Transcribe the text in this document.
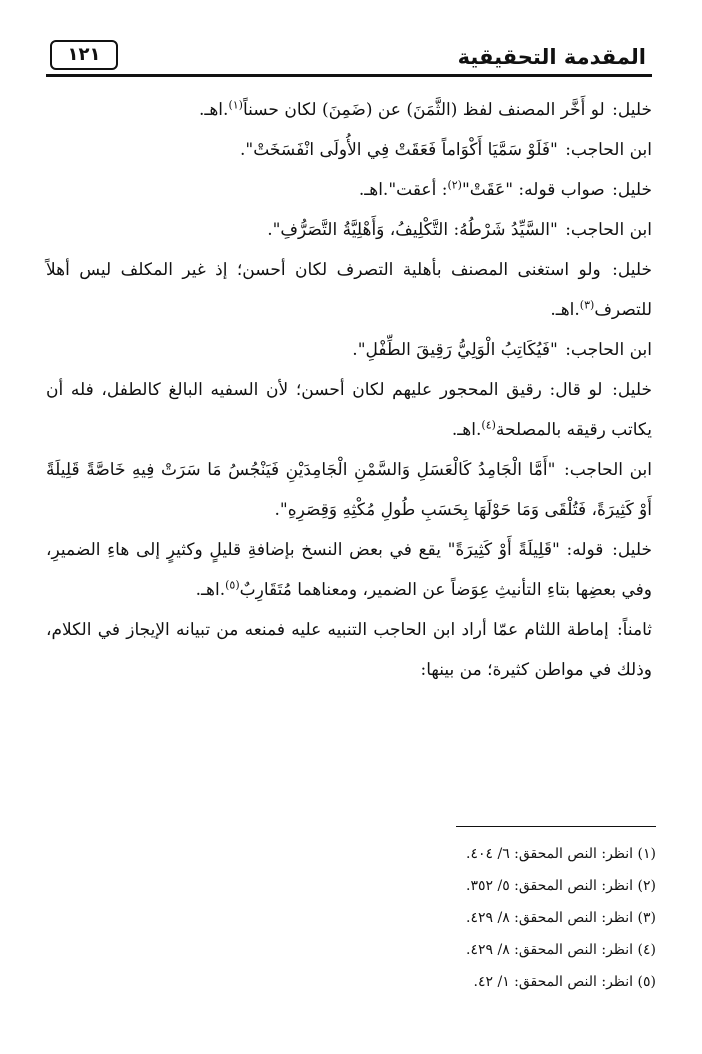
المقدمة التحقيقية
١٢١

خليل: لو أَخَّر المصنف لفظ (الثَّمَنَ) عن (ضَمِنَ) لكان حسناً$^{(١)}$.اهـ.

ابن الحاجب: "فَلَوْ سَمَّيَا أَكْوَاماً فَعَقَتْ فِي الأُولَى انْفَسَخَتْ".

خليل: صواب قوله: "عَقَتْ"$^{(٢)}$: أعقت".اهـ.

ابن الحاجب: "السَّيِّدُ شَرْطُهُ: التَّكْلِيفُ، وَأَهْلِيَّةُ التَّصَرُّفِ".

خليل: ولو استغنى المصنف بأهلية التصرف لكان أحسن؛ إذ غير المكلف ليس أهلاً للتصرف$^{(٣)}$.اهـ.

ابن الحاجب: "فَيُكَاتِبُ الْوَلِيُّ رَقِيقَ الطِّفْلِ".

خليل: لو قال: رقيق المحجور عليهم لكان أحسن؛ لأن السفيه البالغ كالطفل، فله أن يكاتب رقيقه بالمصلحة$^{(٤)}$.اهـ.

ابن الحاجب: "أَمَّا الْجَامِدُ كَالْعَسَلِ وَالسَّمْنِ الْجَامِدَيْنِ فَيَنْجُسُ مَا سَرَتْ فِيهِ خَاصَّةً قَلِيلَةً أَوْ كَثِيرَةً، فَتُلْقَى وَمَا حَوْلَهَا بِحَسَبِ طُولِ مُكْثِهِ وَقِصَرِهِ".

خليل: قوله: "قَلِيلَةً أَوْ كَثِيرَةً" يقع في بعض النسخ بإضافةِ قليلٍ وكثيرٍ إلى هاءِ الضميرِ، وفي بعضِها بتاءِ التأنيثِ عِوَضاً عن الضمير، ومعناهما مُتَقَارِبٌ$^{(٥)}$.اهـ.

ثامناً: إماطة اللثام عمّا أراد ابن الحاجب التنبيه عليه فمنعه من تبيانه الإيجاز في الكلام، وذلك في مواطن كثيرة؛ من بينها:

(١) انظر: النص المحقق: ٦/ ٤٠٤.

(٢) انظر: النص المحقق: ٥/ ٣٥٢.

(٣) انظر: النص المحقق: ٨/ ٤٢٩.

(٤) انظر: النص المحقق: ٨/ ٤٢٩.

(٥) انظر: النص المحقق: ١/ ٤٢.
